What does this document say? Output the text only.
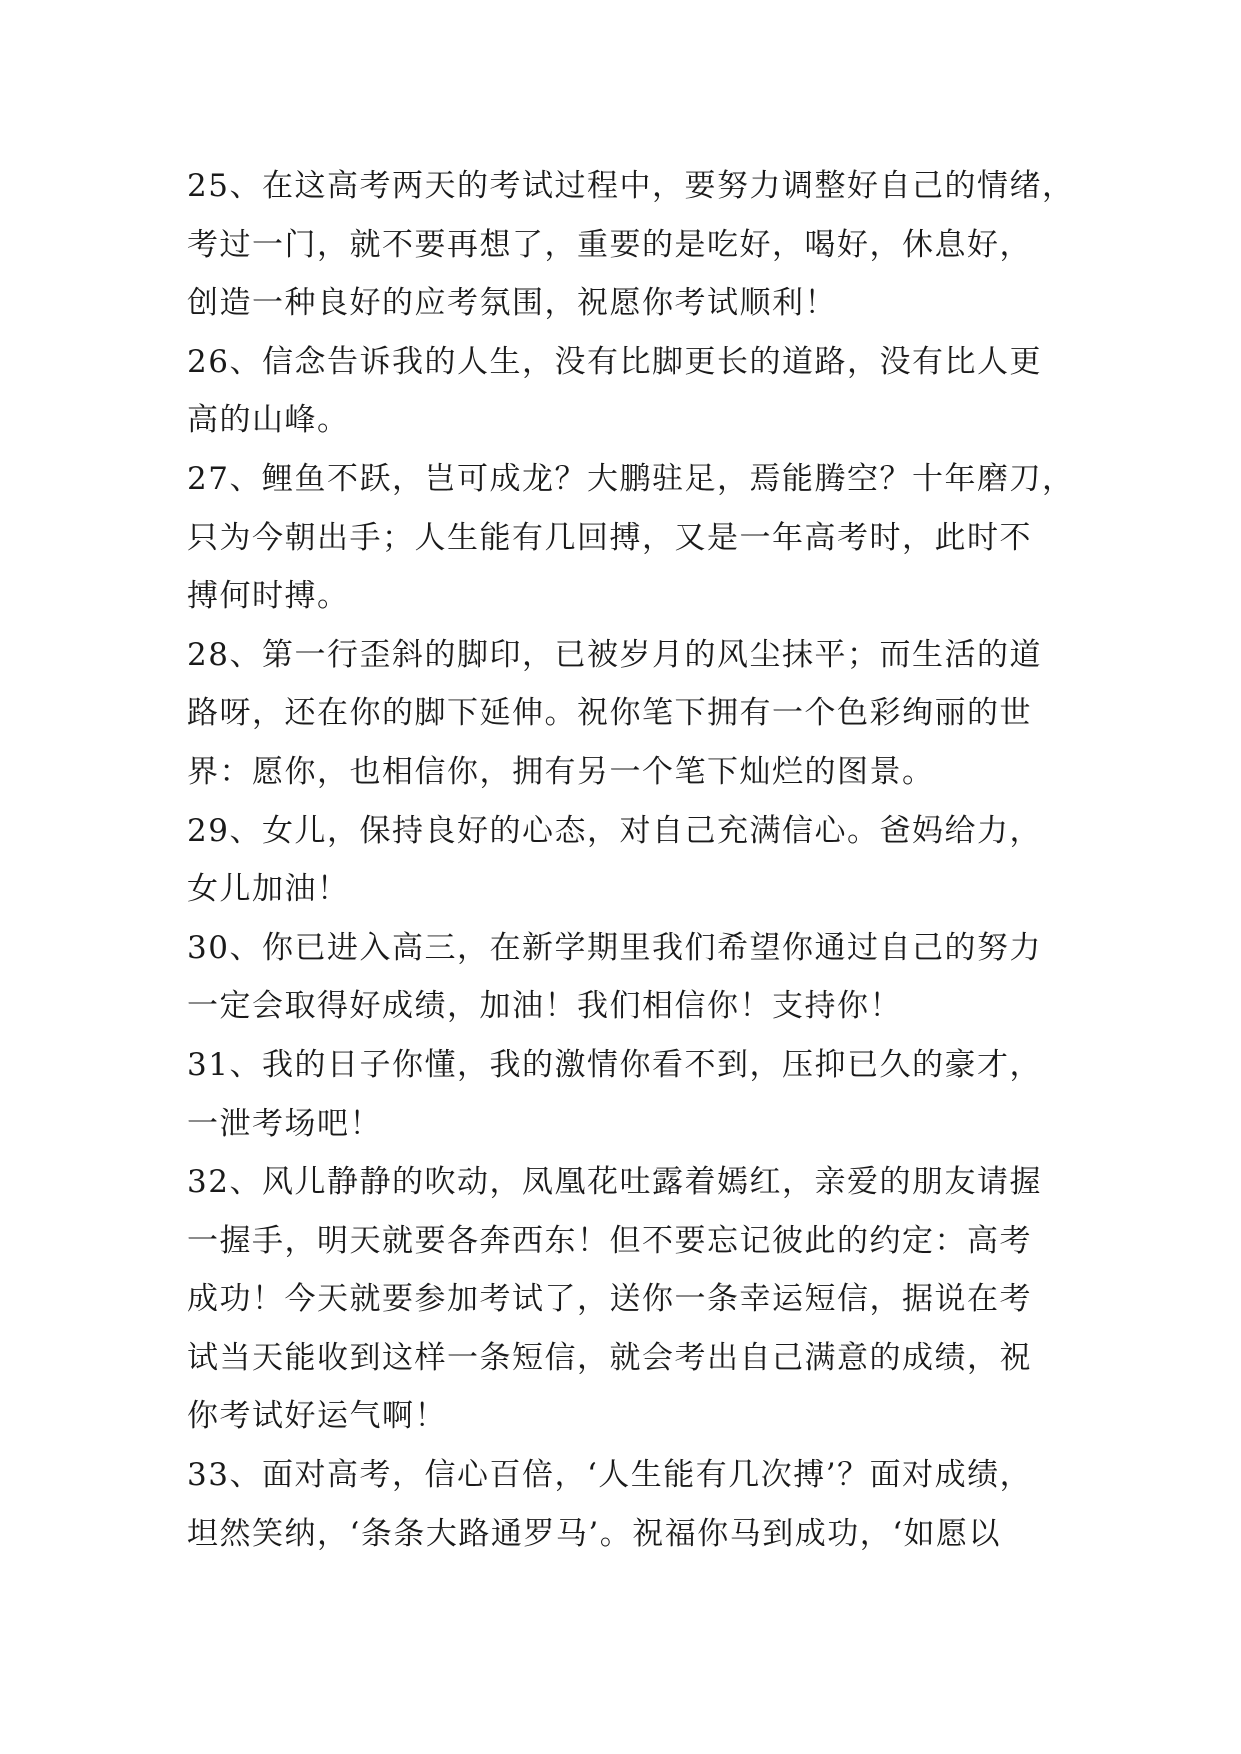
25、在这高考两天的考试过程中，要努力调整好自己的情绪，
考过一门，就不要再想了，重要的是吃好，喝好，休息好，
创造一种良好的应考氛围，祝愿你考试顺利！
26、信念告诉我的人生，没有比脚更长的道路，没有比人更
高的山峰。
27、鲤鱼不跃，岂可成龙？大鹏驻足，焉能腾空？十年磨刀，
只为今朝出手；人生能有几回搏，又是一年高考时，此时不
搏何时搏。
28、第一行歪斜的脚印，已被岁月的风尘抹平；而生活的道
路呀，还在你的脚下延伸。祝你笔下拥有一个色彩绚丽的世
界：愿你，也相信你，拥有另一个笔下灿烂的图景。
29、女儿，保持良好的心态，对自己充满信心。爸妈给力，
女儿加油！
30、你已进入高三，在新学期里我们希望你通过自己的努力
一定会取得好成绩，加油！我们相信你！支持你！
31、我的日子你懂，我的激情你看不到，压抑已久的豪才，
一泄考场吧！
32、风儿静静的吹动，凤凰花吐露着嫣红，亲爱的朋友请握
一握手，明天就要各奔西东！但不要忘记彼此的约定：高考
成功！今天就要参加考试了，送你一条幸运短信，据说在考
试当天能收到这样一条短信，就会考出自己满意的成绩，祝
你考试好运气啊！
33、面对高考，信心百倍，‘人生能有几次搏’？面对成绩，
坦然笑纳，‘条条大路通罗马’。祝福你马到成功，‘如愿以
